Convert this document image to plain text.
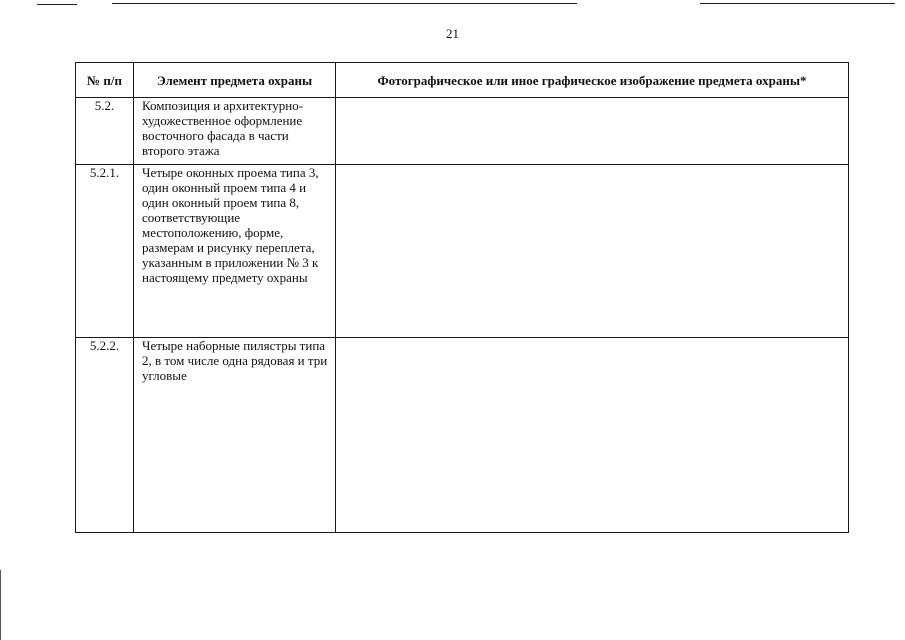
21
№ п/п	Элемент предмета охраны	Фотографическое или иное графическое изображение предмета охраны*
5.2.	Композиция и архитектурно-художественное оформление восточного фасада в части второго этажа	
5.2.1.	Четыре оконных проема типа 3, один оконный проем типа 4 и один оконный проем типа 8, соответствующие местоположению, форме, размерам и рисунку переплета, указанным в приложении № 3 к настоящему предмету охраны	
5.2.2.	Четыре наборные пилястры типа 2, в том числе одна рядовая и три угловые	
